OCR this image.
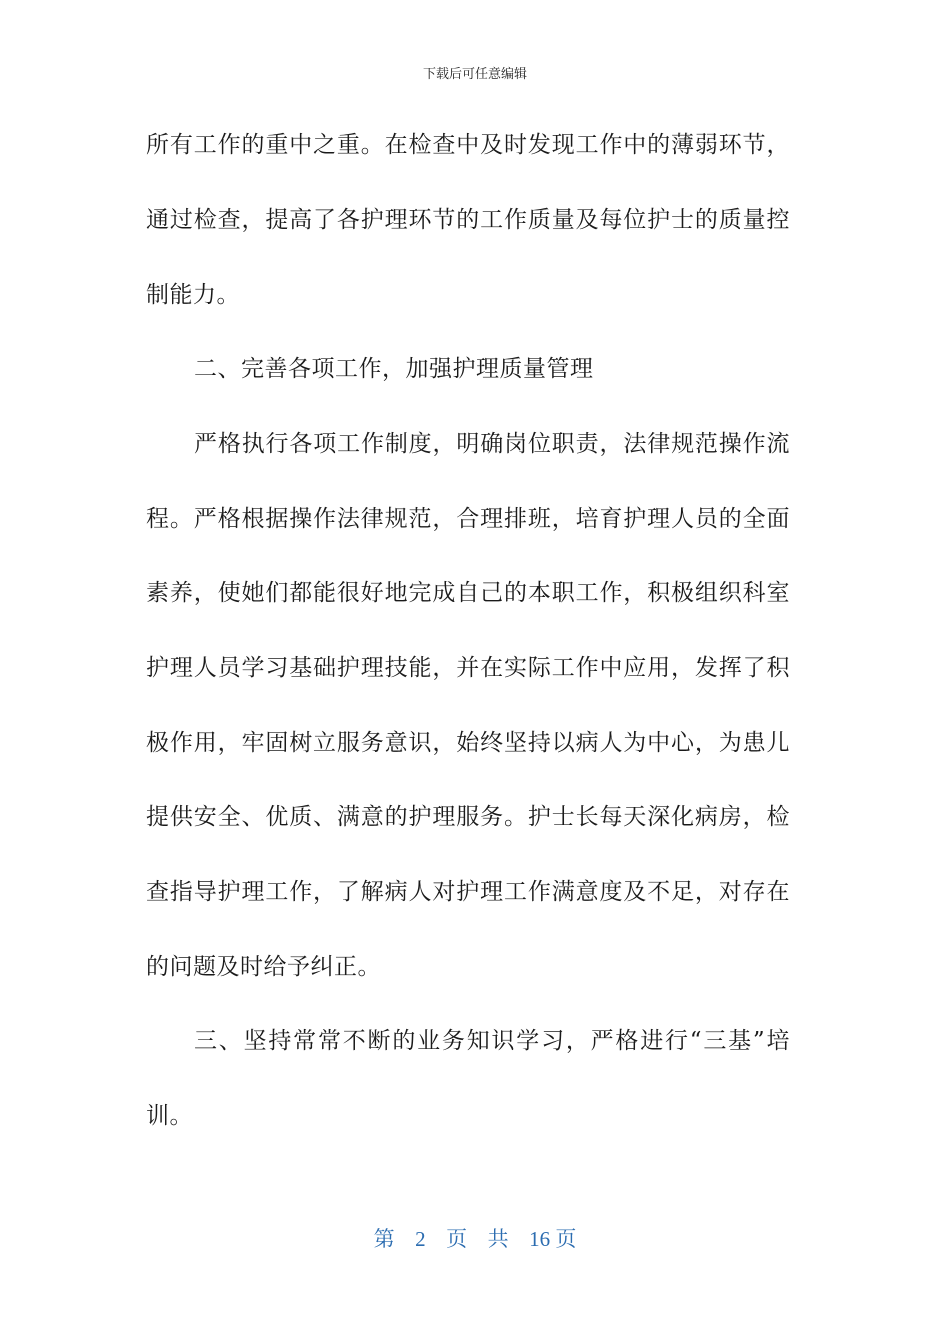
下载后可任意编辑
所有工作的重中之重。在检查中及时发现工作中的薄弱环节，
通过检查，提高了各护理环节的工作质量及每位护士的质量控
制能力。
二、完善各项工作，加强护理质量管理
严格执行各项工作制度，明确岗位职责，法律规范操作流
程。严格根据操作法律规范，合理排班，培育护理人员的全面
素养，使她们都能很好地完成自己的本职工作，积极组织科室
护理人员学习基础护理技能，并在实际工作中应用，发挥了积
极作用，牢固树立服务意识，始终坚持以病人为中心，为患儿
提供安全、优质、满意的护理服务。护士长每天深化病房，检
查指导护理工作，了解病人对护理工作满意度及不足，对存在
的问题及时给予纠正。
三、坚持常常不断的业务知识学习，严格进行“三基”培
训。
第 2 页 共 16 页
